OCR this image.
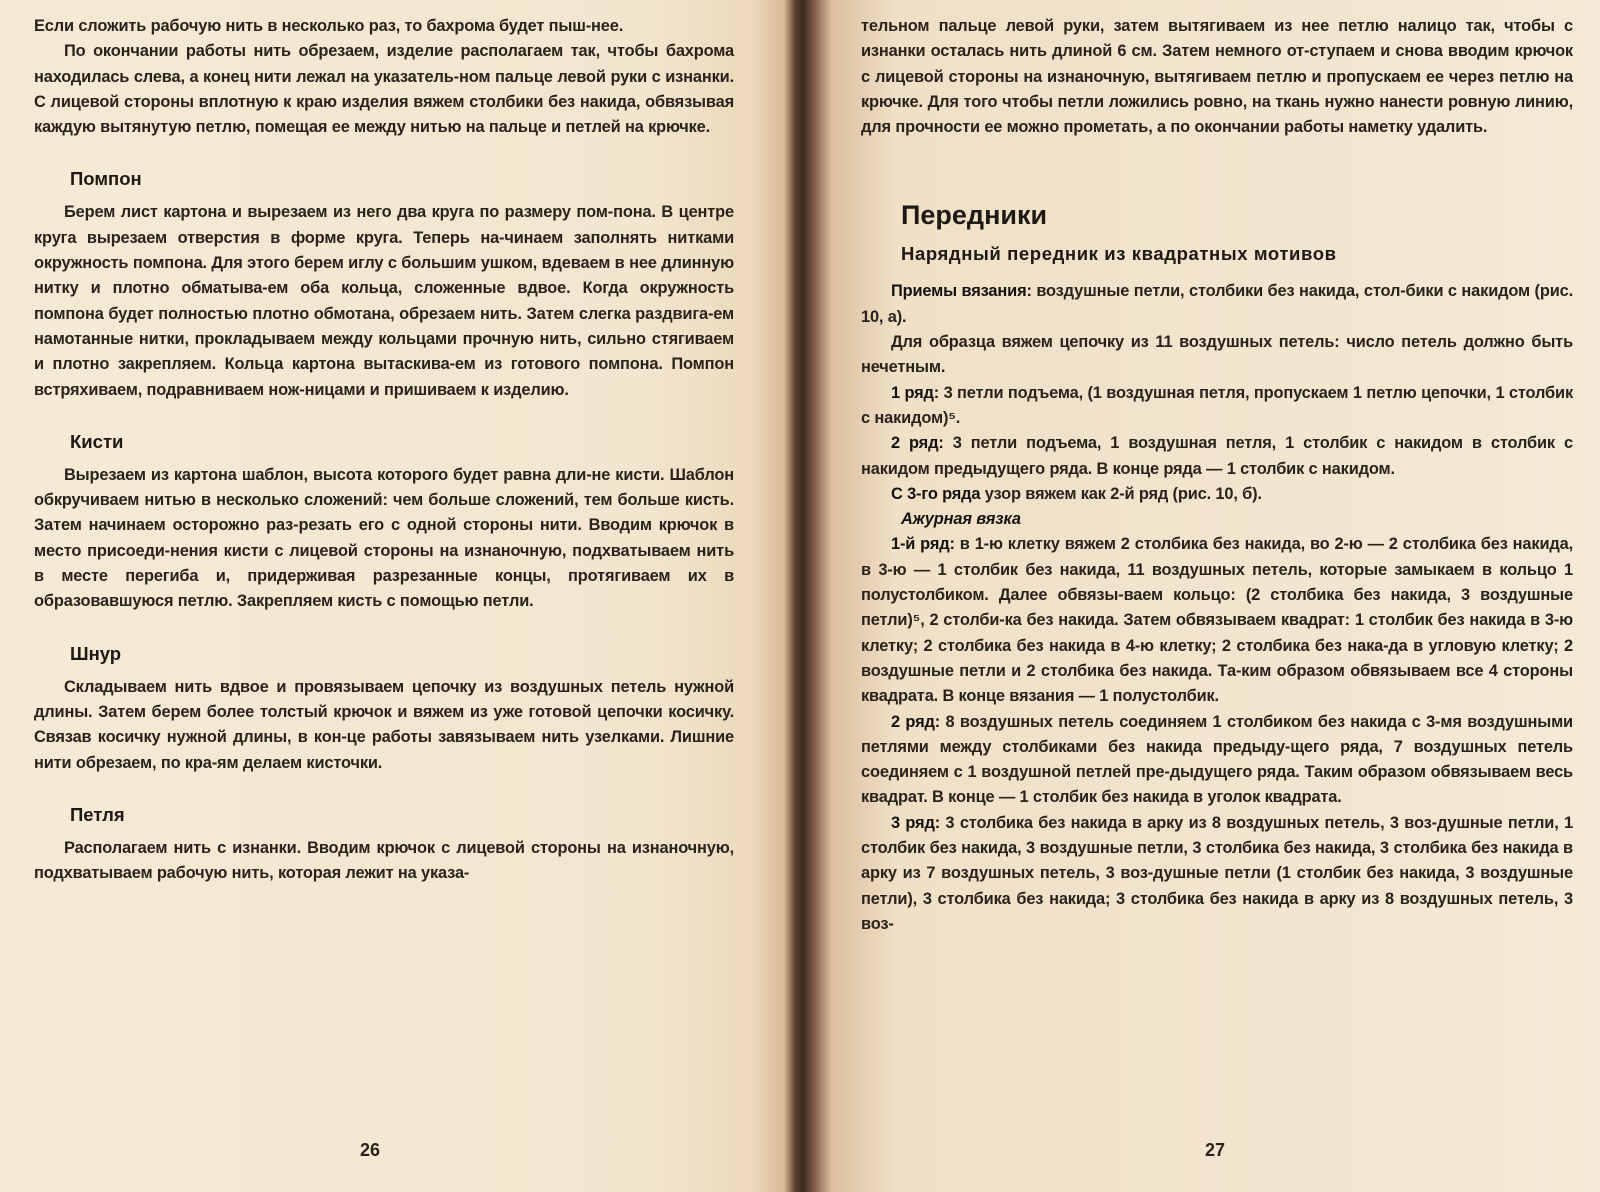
Если сложить рабочую нить в несколько раз, то бахрома будет пыш-нее.

По окончании работы нить обрезаем, изделие располагаем так, чтобы бахрома находилась слева, а конец нити лежал на указатель-ном пальце левой руки с изнанки. С лицевой стороны вплотную к краю изделия вяжем столбики без накида, обвязывая каждую вытянутую петлю, помещая ее между нитью на пальце и петлей на крючке.

Помпон

Берем лист картона и вырезаем из него два круга по размеру пом-пона. В центре круга вырезаем отверстия в форме круга. Теперь на-чинаем заполнять нитками окружность помпона. Для этого берем иглу с большим ушком, вдеваем в нее длинную нитку и плотно обматыва-ем оба кольца, сложенные вдвое. Когда окружность помпона будет полностью плотно обмотана, обрезаем нить. Затем слегка раздвига-ем намотанные нитки, прокладываем между кольцами прочную нить, сильно стягиваем и плотно закрепляем. Кольца картона вытаскива-ем из готового помпона. Помпон встряхиваем, подравниваем нож-ницами и пришиваем к изделию.

Кисти

Вырезаем из картона шаблон, высота которого будет равна дли-не кисти. Шаблон обкручиваем нитью в несколько сложений: чем больше сложений, тем больше кисть. Затем начинаем осторожно раз-резать его с одной стороны нити. Вводим крючок в место присоеди-нения кисти с лицевой стороны на изнаночную, подхватываем нить в месте перегиба и, придерживая разрезанные концы, протягиваем их в образовавшуюся петлю. Закрепляем кисть с помощью петли.

Шнур

Складываем нить вдвое и провязываем цепочку из воздушных петель нужной длины. Затем берем более толстый крючок и вяжем из уже готовой цепочки косичку. Связав косичку нужной длины, в кон-це работы завязываем нить узелками. Лишние нити обрезаем, по кра-ям делаем кисточки.

Петля

Располагаем нить с изнанки. Вводим крючок с лицевой стороны на изнаночную, подхватываем рабочую нить, которая лежит на указа-

26

тельном пальце левой руки, затем вытягиваем из нее петлю налицо так, чтобы с изнанки осталась нить длиной 6 см. Затем немного от-ступаем и снова вводим крючок с лицевой стороны на изнаночную, вытягиваем петлю и пропускаем ее через петлю на крючке. Для того чтобы петли ложились ровно, на ткань нужно нанести ровную линию, для прочности ее можно прометать, а по окончании работы наметку удалить.

Передники
Нарядный передник из квадратных мотивов

Приемы вязания: воздушные петли, столбики без накида, стол-бики с накидом (рис. 10, а).

Для образца вяжем цепочку из 11 воздушных петель: число петель должно быть нечетным.

1 ряд: 3 петли подъема, (1 воздушная петля, пропускаем 1 петлю цепочки, 1 столбик с накидом)⁵.

2 ряд: 3 петли подъема, 1 воздушная петля, 1 столбик с накидом в столбик с накидом предыдущего ряда. В конце ряда — 1 столбик с накидом.

С 3-го ряда узор вяжем как 2-й ряд (рис. 10, б).

Ажурная вязка

1-й ряд: в 1-ю клетку вяжем 2 столбика без накида, во 2-ю — 2 столбика без накида, в 3-ю — 1 столбик без накида, 11 воздушных петель, которые замыкаем в кольцо 1 полустолбиком. Далее обвязы-ваем кольцо: (2 столбика без накида, 3 воздушные петли)⁵, 2 столби-ка без накида. Затем обвязываем квадрат: 1 столбик без накида в 3-ю клетку; 2 столбика без накида в 4-ю клетку; 2 столбика без нака-да в угловую клетку; 2 воздушные петли и 2 столбика без накида. Та-ким образом обвязываем все 4 стороны квадрата. В конце вязания — 1 полустолбик.

2 ряд: 8 воздушных петель соединяем 1 столбиком без накида с 3-мя воздушными петлями между столбиками без накида предыду-щего ряда, 7 воздушных петель соединяем с 1 воздушной петлей пре-дыдущего ряда. Таким образом обвязываем весь квадрат. В конце — 1 столбик без накида в уголок квадрата.

3 ряд: 3 столбика без накида в арку из 8 воздушных петель, 3 воз-душные петли, 1 столбик без накида, 3 воздушные петли, 3 столбика без накида, 3 столбика без накида в арку из 7 воздушных петель, 3 воз-душные петли (1 столбик без накида, 3 воздушные петли), 3 столбика без накида; 3 столбика без накида в арку из 8 воздушных петель, 3 воз-

27
